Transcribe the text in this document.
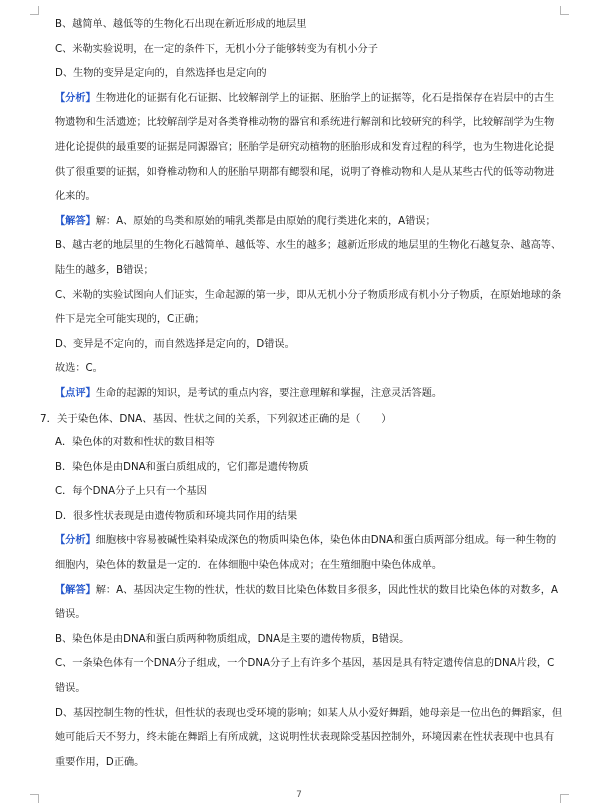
B、越简单、越低等的生物化石出现在新近形成的地层里
C、米勒实验说明，在一定的条件下，无机小分子能够转变为有机小分子
D、生物的变异是定向的，自然选择也是定向的
【分析】生物进化的证据有化石证据、比较解剖学上的证据、胚胎学上的证据等，化石是指保存在岩层中的古生物遗物和生活遗迹；比较解剖学是对各类脊椎动物的器官和系统进行解剖和比较研究的科学，比较解剖学为生物进化论提供的最重要的证据是同源器官；胚胎学是研究动植物的胚胎形成和发育过程的科学，也为生物进化论提供了很重要的证据，如脊椎动物和人的胚胎早期都有鳃裂和尾，说明了脊椎动物和人是从某些古代的低等动物进化来的。
【解答】解：A、原始的鸟类和原始的哺乳类都是由原始的爬行类进化来的，A错误；
B、越古老的地层里的生物化石越简单、越低等、水生的越多；越新近形成的地层里的生物化石越复杂、越高等、陆生的越多，B错误；
C、米勒的实验试图向人们证实，生命起源的第一步，即从无机小分子物质形成有机小分子物质，在原始地球的条件下是完全可能实现的，C正确；
D、变异是不定向的，而自然选择是定向的，D错误。
故选：C。
【点评】生命的起源的知识，是考试的重点内容，要注意理解和掌握，注意灵活答题。
7．关于染色体、DNA、基因、性状之间的关系，下列叙述正确的是（　　）
A．染色体的对数和性状的数目相等
B．染色体是由DNA和蛋白质组成的，它们都是遗传物质
C．每个DNA分子上只有一个基因
D．很多性状表现是由遗传物质和环境共同作用的结果
【分析】细胞核中容易被碱性染料染成深色的物质叫染色体，染色体由DNA和蛋白质两部分组成。每一种生物的细胞内，染色体的数量是一定的．在体细胞中染色体成对；在生殖细胞中染色体成单。
【解答】解：A、基因决定生物的性状，性状的数目比染色体数目多很多，因此性状的数目比染色体的对数多，A错误。
B、染色体是由DNA和蛋白质两种物质组成，DNA是主要的遗传物质，B错误。
C、一条染色体有一个DNA分子组成，一个DNA分子上有许多个基因，基因是具有特定遗传信息的DNA片段，C错误。
D、基因控制生物的性状，但性状的表现也受环境的影响；如某人从小爱好舞蹈，她母亲是一位出色的舞蹈家，但她可能后天不努力，终未能在舞蹈上有所成就，这说明性状表现除受基因控制外，环境因素在性状表现中也具有重要作用，D正确。
7
